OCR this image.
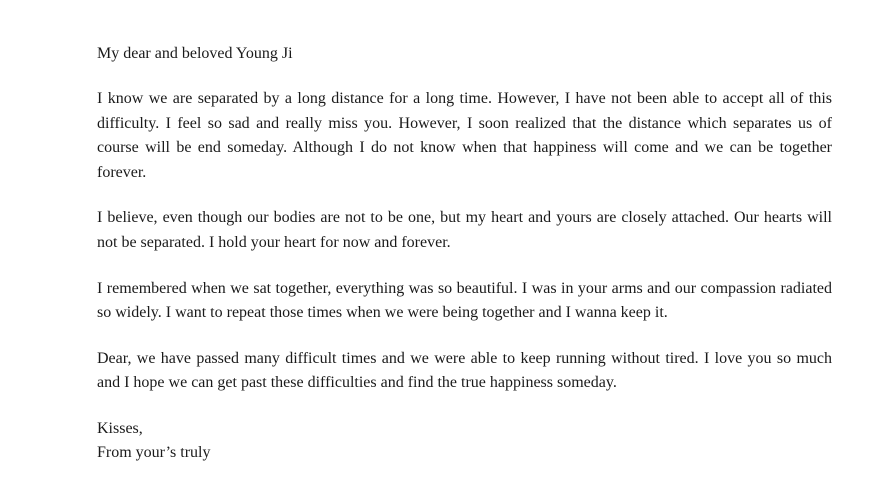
My dear and beloved Young Ji

I know we are separated by a long distance for a long time. However, I have not been able to accept all of this difficulty. I feel so sad and really miss you. However, I soon realized that the distance which separates us of course will be end someday. Although I do not know when that happiness will come and we can be together forever.

I believe, even though our bodies are not to be one, but my heart and yours are closely attached. Our hearts will not be separated. I hold your heart for now and forever.

I remembered when we sat together, everything was so beautiful. I was in your arms and our compassion radiated so widely. I want to repeat those times when we were being together and I wanna keep it.

Dear, we have passed many difficult times and we were able to keep running without tired. I love you so much and I hope we can get past these difficulties and find the true happiness someday.

Kisses,
From your’s truly
